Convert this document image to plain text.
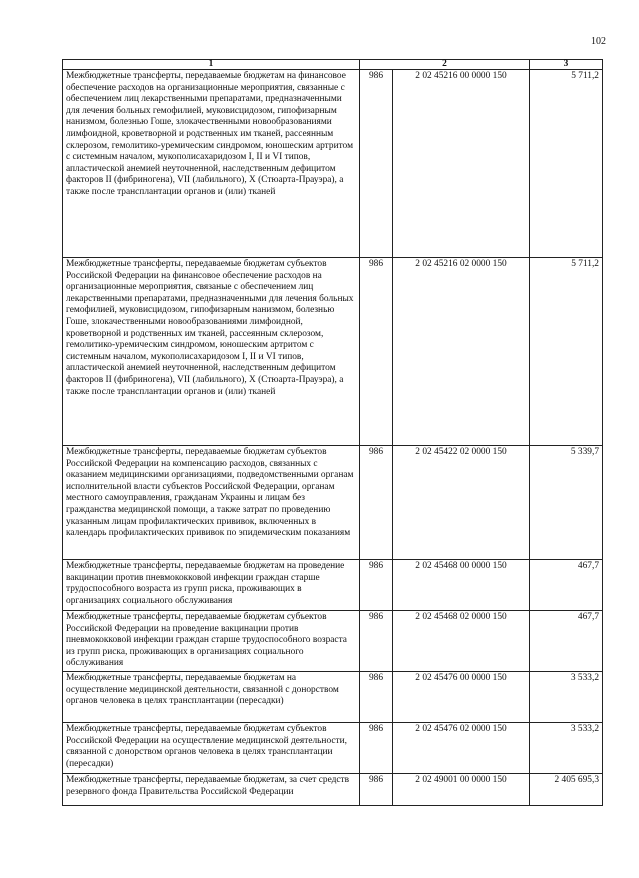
102
1	2		3
Межбюджетные трансферты, передаваемые бюджетам на финансовое обеспечение расходов на организационные мероприятия, связанные с обеспечением лиц лекарственными препаратами, предназначенными для лечения больных гемофилией, муковисцидозом, гипофизарным нанизмом, болезнью Гоше, злокачественными новообразованиями лимфоидной, кроветворной и родственных им тканей, рассеянным склерозом, гемолитико-уремическим синдромом, юношеским артритом с системным началом, мукополисахаридозом I, II и VI типов, апластической анемией неуточненной, наследственным дефицитом факторов II (фибриногена), VII (лабильного), X (Стюарта-Прауэра), а также после трансплантации органов и (или) тканей	986	2 02 45216 00 0000 150	5 711,2
Межбюджетные трансферты, передаваемые бюджетам субъектов Российской Федерации на финансовое обеспечение расходов на организационные мероприятия, связаные с обеспечением лиц лекарственными препаратами, предназначенными для лечения больных гемофилией, муковисцидозом, гипофизарным нанизмом, болезнью Гоше, злокачественными новообразованиями лимфоидной, кроветворной и родственных им тканей, рассеянным склерозом, гемолитико-уремическим синдромом, юношеским артритом с системным началом, мукополисахаридозом I, II и VI типов, апластической анемией неуточненной, наследственным дефицитом факторов II (фибриногена), VII (лабильного), X (Стюарта-Прауэра), а также после трансплантации органов и (или) тканей	986	2 02 45216 02 0000 150	5 711,2
Межбюджетные трансферты, передаваемые бюджетам субъектов Российской Федерации на компенсацию расходов, связанных с оказанием медицинскими организациями, подведомственными органам исполнительной власти субъектов Российской Федерации, органам местного самоуправления, гражданам Украины и лицам без гражданства медицинской помощи, а также затрат по проведению указанным лицам профилактических прививок, включенных в календарь профилактических прививок по эпидемическим показаниям	986	2 02 45422 02 0000 150	5 339,7
Межбюджетные трансферты, передаваемые бюджетам на проведение вакцинации против пневмококковой инфекции граждан старше трудоспособного возраста из групп риска, проживающих в организациях социального обслуживания	986	2 02 45468 00 0000 150	467,7
Межбюджетные трансферты, передаваемые бюджетам субъектов Российской Федерации на проведение вакцинации против пневмококковой инфекции граждан старше трудоспособного возраста из групп риска, проживающих в организациях социального обслуживания	986	2 02 45468 02 0000 150	467,7
Межбюджетные трансферты, передаваемые бюджетам на осуществление медицинской деятельности, связанной с донорством органов человека в целях трансплантации (пересадки)	986	2 02 45476 00 0000 150	3 533,2
Межбюджетные трансферты, передаваемые бюджетам субъектов Российской Федерации на осуществление медицинской деятельности, связанной с донорством органов человека в целях трансплантации (пересадки)	986	2 02 45476 02 0000 150	3 533,2
Межбюджетные трансферты, передаваемые бюджетам, за счет средств резервного фонда Правительства Российской Федерации	986	2 02 49001 00 0000 150	2 405 695,3
